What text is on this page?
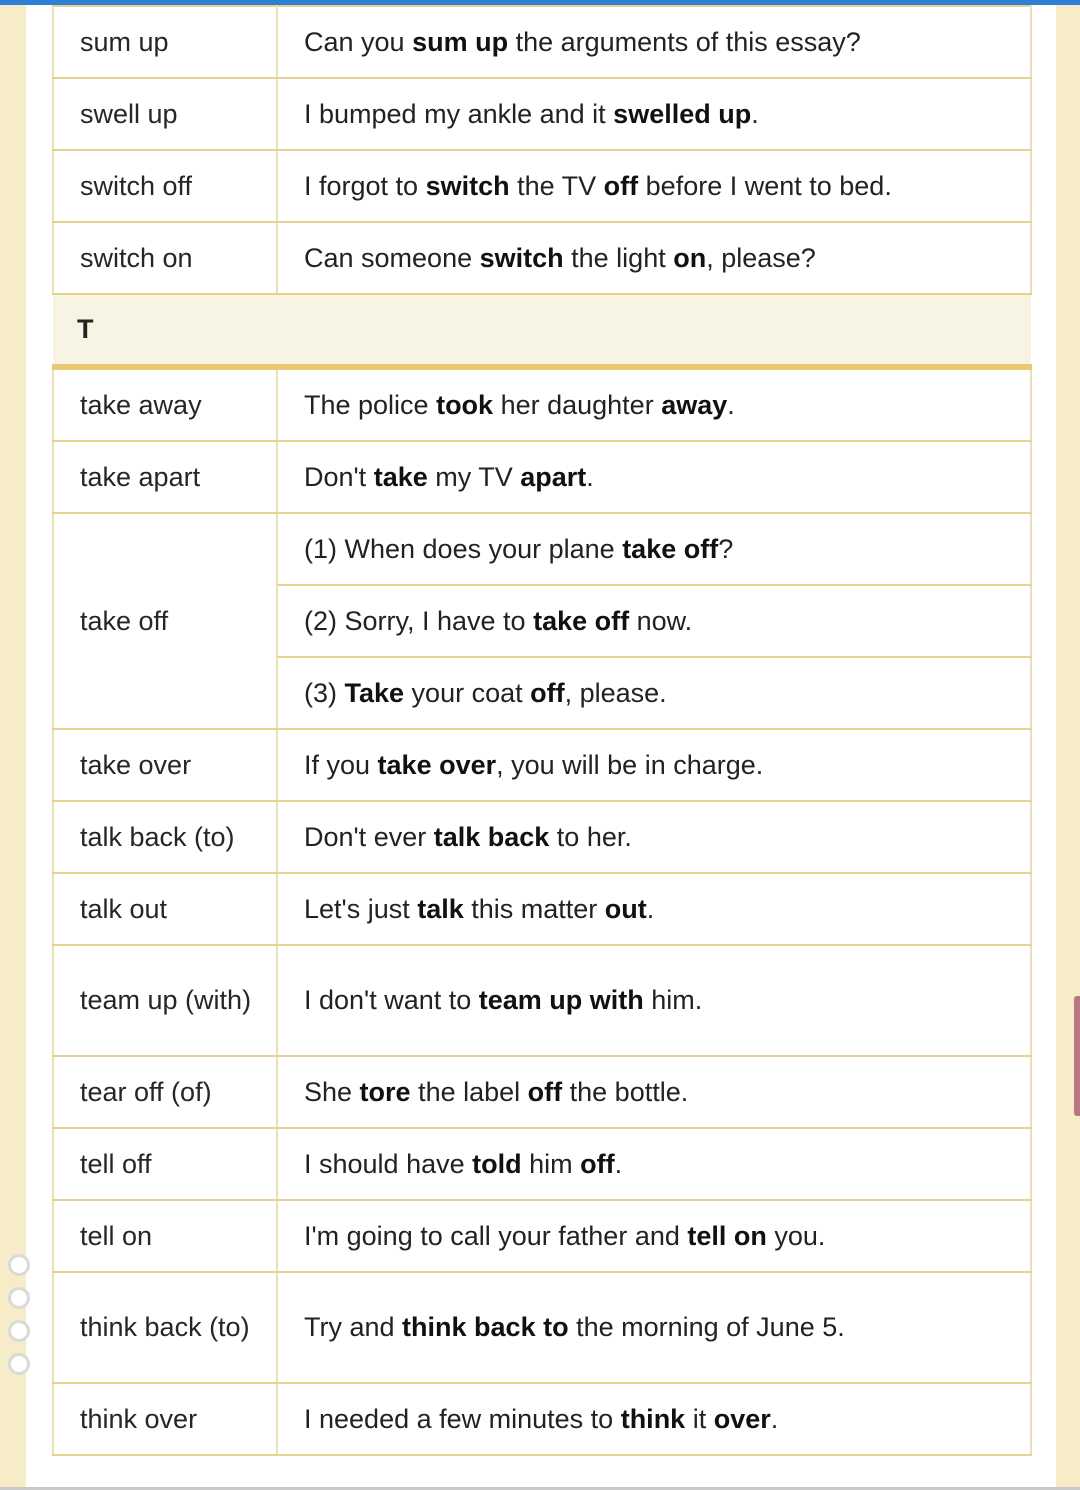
sum up	Can you sum up the arguments of this essay?
swell up	I bumped my ankle and it swelled up.
switch off	I forgot to switch the TV off before I went to bed.
switch on	Can someone switch the light on, please?
T	
take away	The police took her daughter away.
take apart	Don't take my TV apart.
take off	(1) When does your plane take off?
	(2) Sorry, I have to take off now.
	(3) Take your coat off, please.
take over	If you take over, you will be in charge.
talk back (to)	Don't ever talk back to her.
talk out	Let's just talk this matter out.
team up (with)	I don't want to team up with him.
tear off (of)	She tore the label off the bottle.
tell off	I should have told him off.
tell on	I'm going to call your father and tell on you.
think back (to)	Try and think back to the morning of June 5.
think over	I needed a few minutes to think it over.
